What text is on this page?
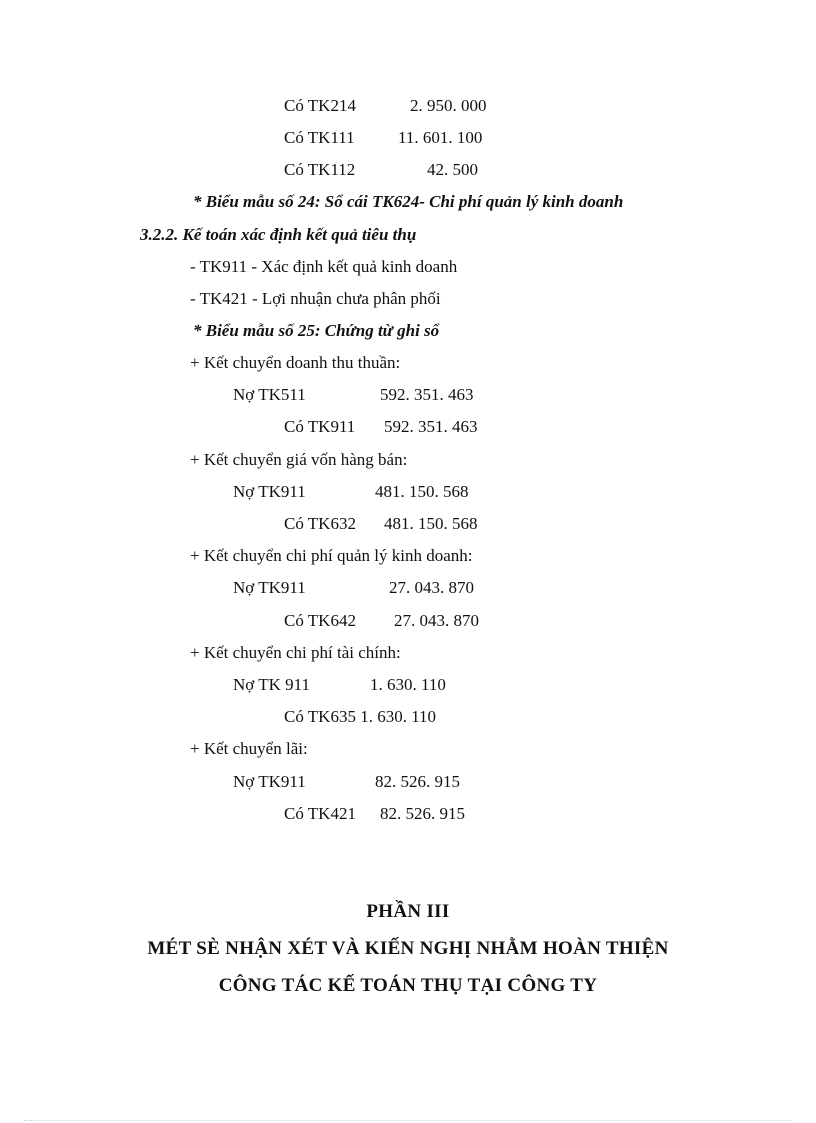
Có TK214	2. 950. 000
Có TK111	11. 601. 100
Có TK112	42. 500
* Biểu mẫu số 24: Sổ cái TK624- Chi phí quản lý kinh doanh
3.2.2. Kế toán xác định kết quả tiêu thụ
- TK911 - Xác định kết quả kinh doanh
- TK421 - Lợi nhuận chưa phân phối
* Biểu mẫu số 25: Chứng từ ghi sổ
+ Kết chuyển doanh thu thuần:
Nợ TK511	592. 351. 463
Có TK911 592. 351. 463
+ Kết chuyển giá vốn hàng bán:
Nợ TK911	481. 150. 568
Có TK632 481. 150. 568
+ Kết chuyển chi phí quản lý kinh doanh:
Nợ TK911	27. 043. 870
Có TK642 27. 043. 870
+ Kết chuyển chi phí tài chính:
Nợ TK 911	1. 630. 110
Có TK635 1. 630. 110
+ Kết chuyển lãi:
Nợ TK911	82. 526. 915
Có TK421 82. 526. 915
PHẦN III
MÉT SÈ NHẬN XÉT VÀ KIẾN NGHỊ NHẰM HOÀN THIỆN
CÔNG TÁC KẾ TOÁN THỤ TẠI CÔNG TY
